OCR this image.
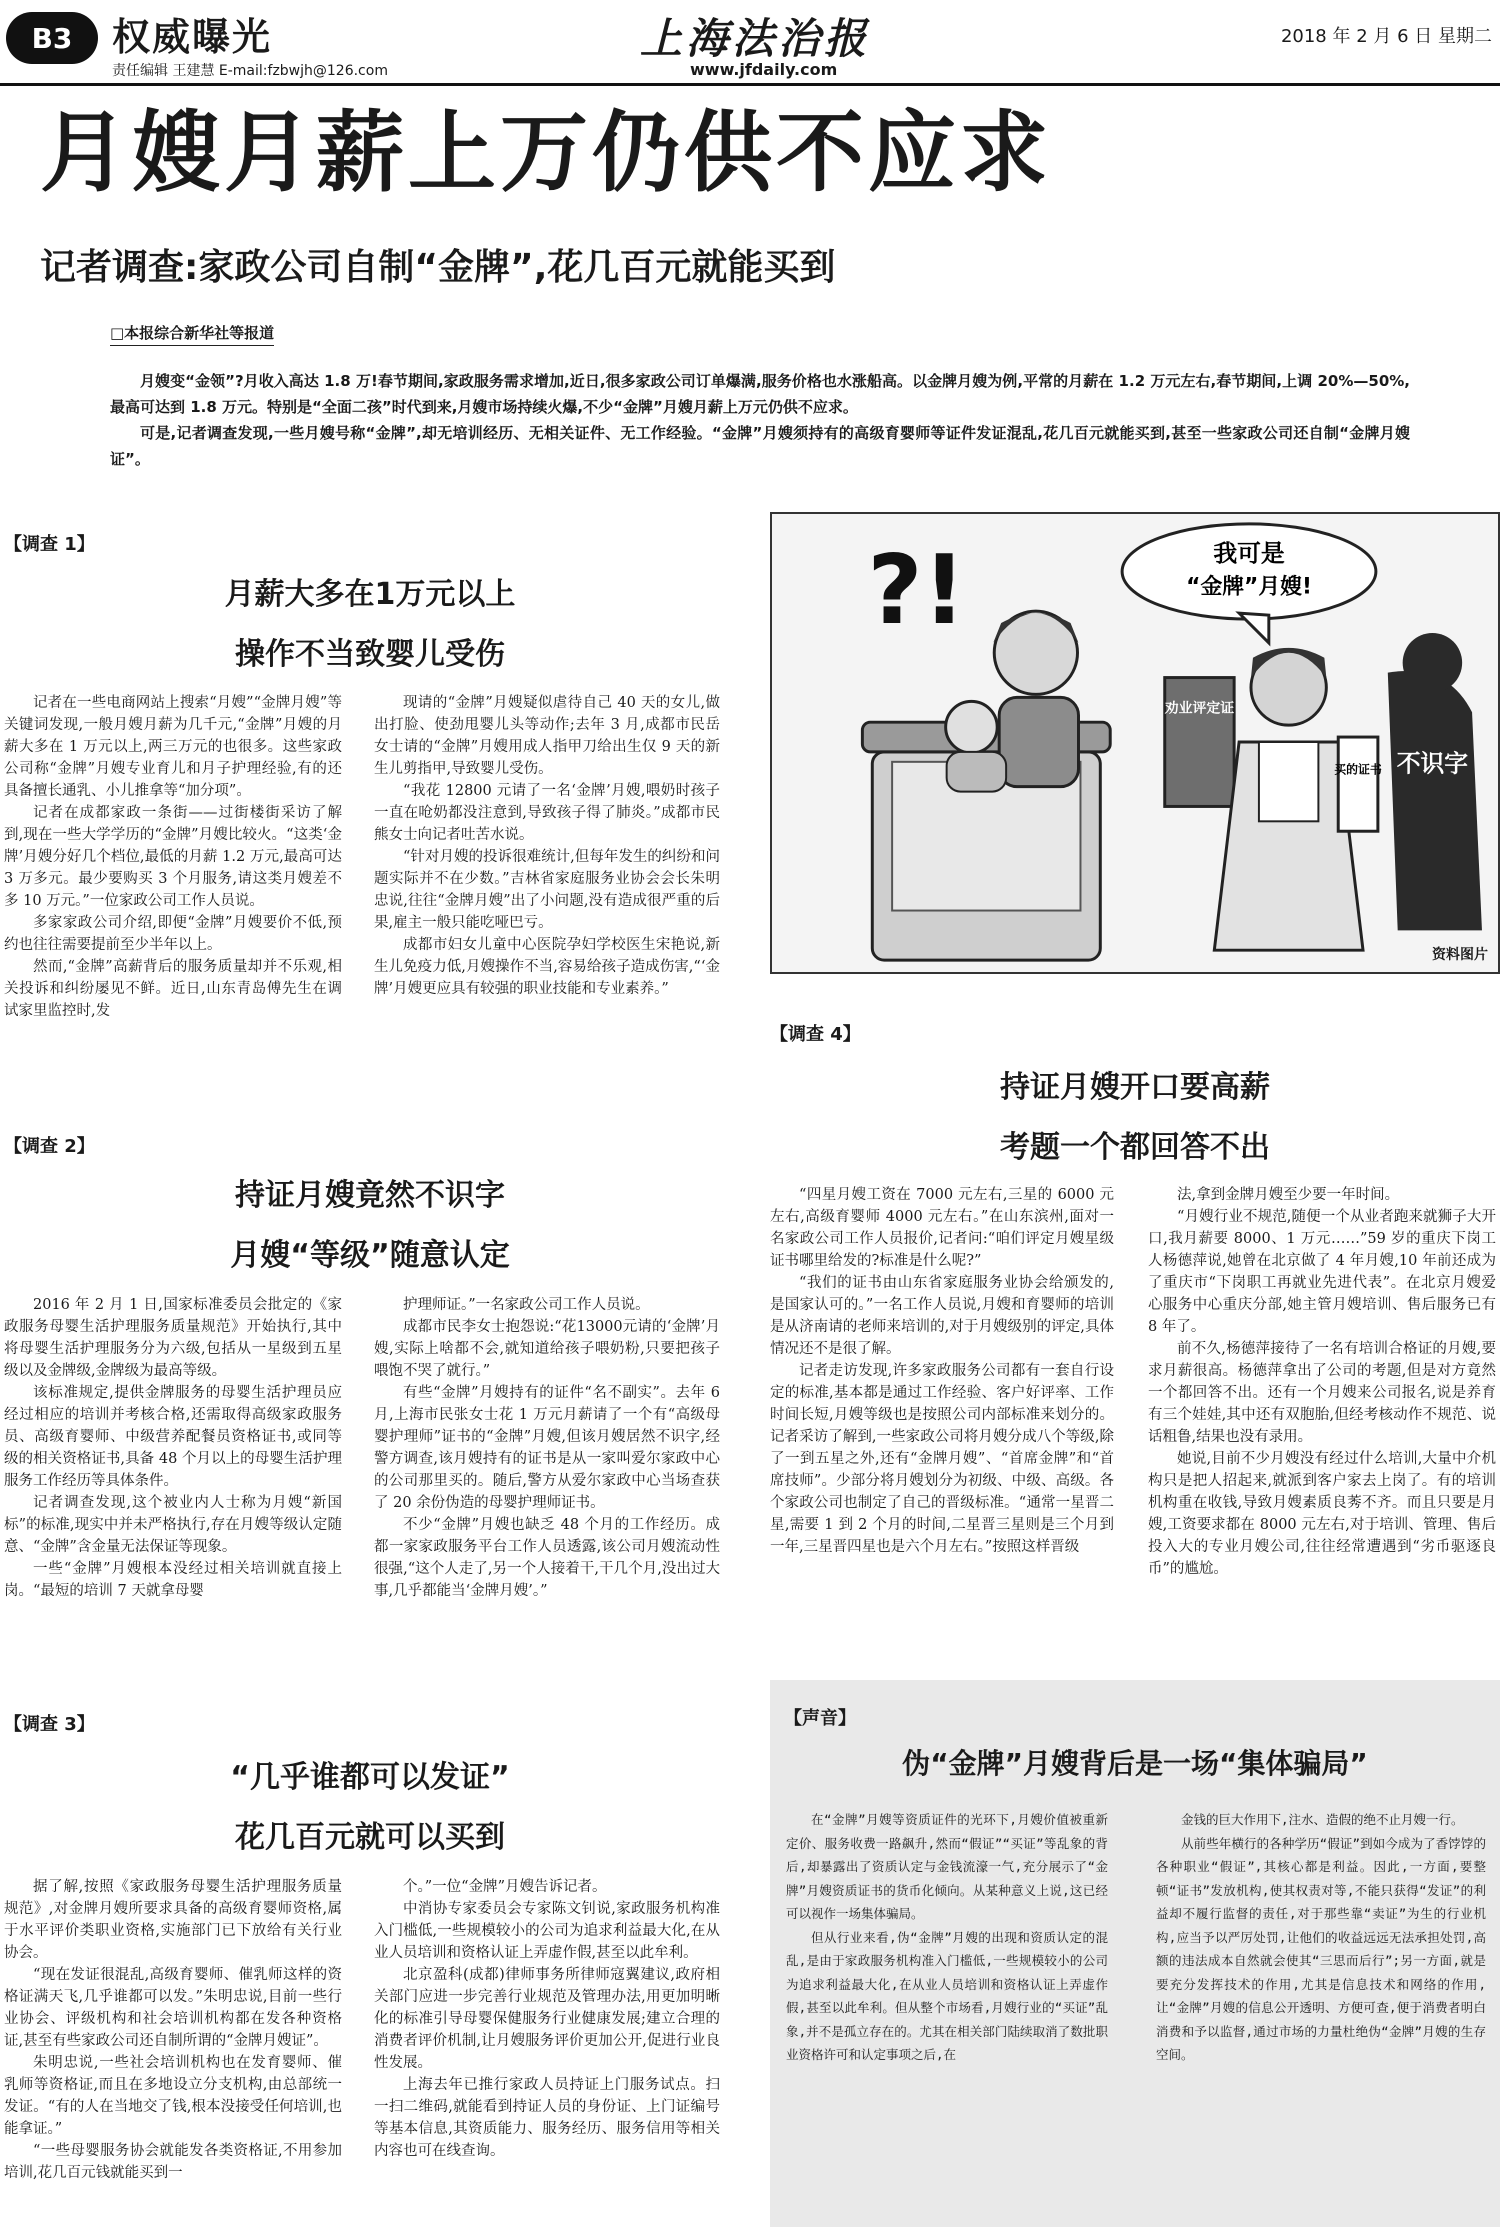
B3	权威曝光
责任编辑 王建慧 E-mail:fzbwjh@126.com
上海法治报
www.jfdaily.com
2018 年 2 月 6 日 星期二
月嫂月薪上万仍供不应求
记者调查:家政公司自制“金牌”,花几百元就能买到
□本报综合新华社等报道

月嫂变“金领”?月收入高达 1.8 万!春节期间,家政服务需求增加,近日,很多家政公司订单爆满,服务价格也水涨船高。以金牌月嫂为例,平常的月薪在 1.2 万元左右,春节期间,上调 20%—50%,最高可达到 1.8 万元。特别是“全面二孩”时代到来,月嫂市场持续火爆,不少“金牌”月嫂月薪上万元仍供不应求。

可是,记者调查发现,一些月嫂号称“金牌”,却无培训经历、无相关证件、无工作经验。“金牌”月嫂须持有的高级育婴师等证件发证混乱,花几百元就能买到,甚至一些家政公司还自制“金牌月嫂证”。

【调查 1】
月薪大多在1万元以上
操作不当致婴儿受伤

记者在一些电商网站上搜索“月嫂”“金牌月嫂”等关键词发现,一般月嫂月薪为几千元,“金牌”月嫂的月薪大多在 1 万元以上,两三万元的也很多。这些家政公司称“金牌”月嫂专业育儿和月子护理经验,有的还具备擅长通乳、小儿推拿等“加分项”。

记者在成都家政一条街——过街楼街采访了解到,现在一些大学学历的“金牌”月嫂比较火。“这类‘金牌’月嫂分好几个档位,最低的月薪 1.2 万元,最高可达 3 万多元。最少要购买 3 个月服务,请这类月嫂差不多 10 万元。”一位家政公司工作人员说。

多家家政公司介绍,即便“金牌”月嫂要价不低,预约也往往需要提前至少半年以上。

然而,“金牌”高薪背后的服务质量却并不乐观,相关投诉和纠纷屡见不鲜。近日,山东青岛傅先生在调试家里监控时,发

现请的“金牌”月嫂疑似虐待自己 40 天的女儿,做出打脸、使劲甩婴儿头等动作;去年 3 月,成都市民岳女士请的“金牌”月嫂用成人指甲刀给出生仅 9 天的新生儿剪指甲,导致婴儿受伤。

“我花 12800 元请了一名‘金牌’月嫂,喂奶时孩子一直在呛奶都没注意到,导致孩子得了肺炎。”成都市民熊女士向记者吐苦水说。

“针对月嫂的投诉很难统计,但每年发生的纠纷和问题实际并不在少数。”吉林省家庭服务业协会会长朱明忠说,往往“金牌月嫂”出了小问题,没有造成很严重的后果,雇主一般只能吃哑巴亏。

成都市妇女儿童中心医院孕妇学校医生宋艳说,新生儿免疫力低,月嫂操作不当,容易给孩子造成伤害,“‘金牌’月嫂更应具有较强的职业技能和专业素养。”

劝业评定证
买的证书 不识字
?!	我可是
“金牌”月嫂!
资料图片
【调查 2】
持证月嫂竟然不识字
月嫂“等级”随意认定

2016 年 2 月 1 日,国家标准委员会批定的《家政服务母婴生活护理服务质量规范》开始执行,其中将母婴生活护理服务分为六级,包括从一星级到五星级以及金牌级,金牌级为最高等级。

该标准规定,提供金牌服务的母婴生活护理员应经过相应的培训并考核合格,还需取得高级家政服务员、高级育婴师、中级营养配餐员资格证书,或同等级的相关资格证书,具备 48 个月以上的母婴生活护理服务工作经历等具体条件。

记者调查发现,这个被业内人士称为月嫂“新国标”的标准,现实中并未严格执行,存在月嫂等级认定随意、“金牌”含金量无法保证等现象。

一些“金牌”月嫂根本没经过相关培训就直接上岗。“最短的培训 7 天就拿母婴

护理师证。”一名家政公司工作人员说。

成都市民李女士抱怨说:“花13000元请的‘金牌’月嫂,实际上啥都不会,就知道给孩子喂奶粉,只要把孩子喂饱不哭了就行。”

有些“金牌”月嫂持有的证件“名不副实”。去年 6 月,上海市民张女士花 1 万元月薪请了一个有“高级母婴护理师”证书的“金牌”月嫂,但该月嫂居然不识字,经警方调查,该月嫂持有的证书是从一家叫爱尔家政中心的公司那里买的。随后,警方从爱尔家政中心当场查获了 20 余份伪造的母婴护理师证书。

不少“金牌”月嫂也缺乏 48 个月的工作经历。成都一家家政服务平台工作人员透露,该公司月嫂流动性很强,“这个人走了,另一个人接着干,干几个月,没出过大事,几乎都能当‘金牌月嫂’。”

【调查 3】
“几乎谁都可以发证”
花几百元就可以买到

据了解,按照《家政服务母婴生活护理服务质量规范》,对金牌月嫂所要求具备的高级育婴师资格,属于水平评价类职业资格,实施部门已下放给有关行业协会。

“现在发证很混乱,高级育婴师、催乳师这样的资格证满天飞,几乎谁都可以发。”朱明忠说,目前一些行业协会、评级机构和社会培训机构都在发各种资格证,甚至有些家政公司还自制所谓的“金牌月嫂证”。

朱明忠说,一些社会培训机构也在发育婴师、催乳师等资格证,而且在多地设立分支机构,由总部统一发证。“有的人在当地交了钱,根本没接受任何培训,也能拿证。”

“一些母婴服务协会就能发各类资格证,不用参加培训,花几百元钱就能买到一

个。”一位“金牌”月嫂告诉记者。

中消协专家委员会专家陈文钊说,家政服务机构准入门槛低,一些规模较小的公司为追求利益最大化,在从业人员培训和资格认证上弄虚作假,甚至以此牟利。

北京盈科(成都)律师事务所律师寇翼建议,政府相关部门应进一步完善行业规范及管理办法,用更加明晰化的标准引导母婴保健服务行业健康发展;建立合理的消费者评价机制,让月嫂服务评价更加公开,促进行业良性发展。

上海去年已推行家政人员持证上门服务试点。扫一扫二维码,就能看到持证人员的身份证、上门证编号等基本信息,其资质能力、服务经历、服务信用等相关内容也可在线查询。

【调查 4】
持证月嫂开口要高薪
考题一个都回答不出

“四星月嫂工资在 7000 元左右,三星的 6000 元左右,高级育婴师 4000 元左右。”在山东滨州,面对一名家政公司工作人员报价,记者问:“咱们评定月嫂星级证书哪里给发的?标准是什么呢?”

“我们的证书由山东省家庭服务业协会给颁发的,是国家认可的。”一名工作人员说,月嫂和育婴师的培训是从济南请的老师来培训的,对于月嫂级别的评定,具体情况还不是很了解。

记者走访发现,许多家政服务公司都有一套自行设定的标准,基本都是通过工作经验、客户好评率、工作时间长短,月嫂等级也是按照公司内部标准来划分的。记者采访了解到,一些家政公司将月嫂分成八个等级,除了一到五星之外,还有“金牌月嫂”、“首席金牌”和“首席技师”。少部分将月嫂划分为初级、中级、高级。各个家政公司也制定了自己的晋级标准。“通常一星晋二星,需要 1 到 2 个月的时间,二星晋三星则是三个月到一年,三星晋四星也是六个月左右。”按照这样晋级

法,拿到金牌月嫂至少要一年时间。

“月嫂行业不规范,随便一个从业者跑来就狮子大开口,我月薪要 8000、1 万元……”59 岁的重庆下岗工人杨德萍说,她曾在北京做了 4 年月嫂,10 年前还成为了重庆市“下岗职工再就业先进代表”。在北京月嫂爱心服务中心重庆分部,她主管月嫂培训、售后服务已有 8 年了。

前不久,杨德萍接待了一名有培训合格证的月嫂,要求月薪很高。杨德萍拿出了公司的考题,但是对方竟然一个都回答不出。还有一个月嫂来公司报名,说是养育有三个娃娃,其中还有双胞胎,但经考核动作不规范、说话粗鲁,结果也没有录用。

她说,目前不少月嫂没有经过什么培训,大量中介机构只是把人招起来,就派到客户家去上岗了。有的培训机构重在收钱,导致月嫂素质良莠不齐。而且只要是月嫂,工资要求都在 8000 元左右,对于培训、管理、售后投入大的专业月嫂公司,往往经常遭遇到“劣币驱逐良币”的尴尬。

【声音】
伪“金牌”月嫂背后是一场“集体骗局”

在“金牌”月嫂等资质证件的光环下,月嫂价值被重新定价、服务收费一路飙升,然而“假证”“买证”等乱象的背后,却暴露出了资质认定与金钱流濠一气,充分展示了“金牌”月嫂资质证书的货币化倾向。从某种意义上说,这已经可以视作一场集体骗局。

但从行业来看,伪“金牌”月嫂的出现和资质认定的混乱,是由于家政服务机构准入门槛低,一些规模较小的公司为追求利益最大化,在从业人员培训和资格认证上弄虚作假,甚至以此牟利。但从整个市场看,月嫂行业的“买证”乱象,并不是孤立存在的。尤其在相关部门陆续取消了数批职业资格许可和认定事项之后,在

金钱的巨大作用下,注水、造假的绝不止月嫂一行。

从前些年横行的各种学历“假证”到如今成为了香饽饽的各种职业“假证”,其核心都是利益。因此,一方面,要整顿“证书”发放机构,使其权责对等,不能只获得“发证”的利益却不履行监督的责任,对于那些靠“卖证”为生的行业机构,应当予以严厉处罚,让他们的收益远远无法承担处罚,高额的违法成本自然就会使其“三思而后行”;另一方面,就是要充分发挥技术的作用,尤其是信息技术和网络的作用,让“金牌”月嫂的信息公开透明、方便可查,便于消费者明白消费和予以监督,通过市场的力量杜绝伪“金牌”月嫂的生存空间。
